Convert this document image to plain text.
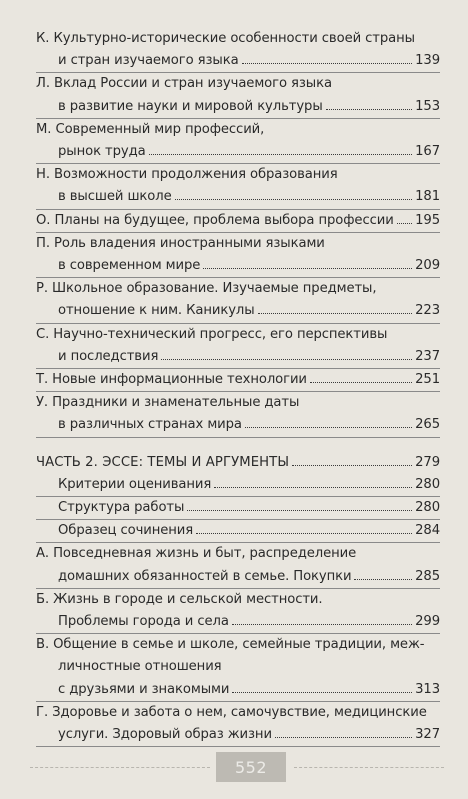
К. Культурно-исторические особенности своей страны
и стран изучаемого языка	139
Л. Вклад России и стран изучаемого языка
в развитие науки и мировой культуры	153
М. Современный мир профессий,
рынок труда	167
Н. Возможности продолжения образования
в высшей школе	181
О. Планы на будущее, проблема выбора профессии 195
П. Роль владения иностранными языками
в современном мире	209
Р. Школьное образование. Изучаемые предметы,
отношение к ним. Каникулы	223
С. Научно-технический прогресс, его перспективы
и последствия	237
Т. Новые информационные технологии	251
У. Праздники и знаменательные даты
в различных странах мира	265
ЧАСТЬ 2. ЭССЕ: ТЕМЫ И АРГУМЕНТЫ	279
Критерии оценивания	280
Структура работы	280
Образец сочинения	284
А. Повседневная жизнь и быт, распределение
домашних обязанностей в семье. Покупки	285
Б. Жизнь в городе и сельской местности.
Проблемы города и села	299
В. Общение в семье и школе, семейные традиции, меж-
личностные отношения
с друзьями и знакомыми	313
Г. Здоровье и забота о нем, самочувствие, медицинские
услуги. Здоровый образ жизни	327
552
